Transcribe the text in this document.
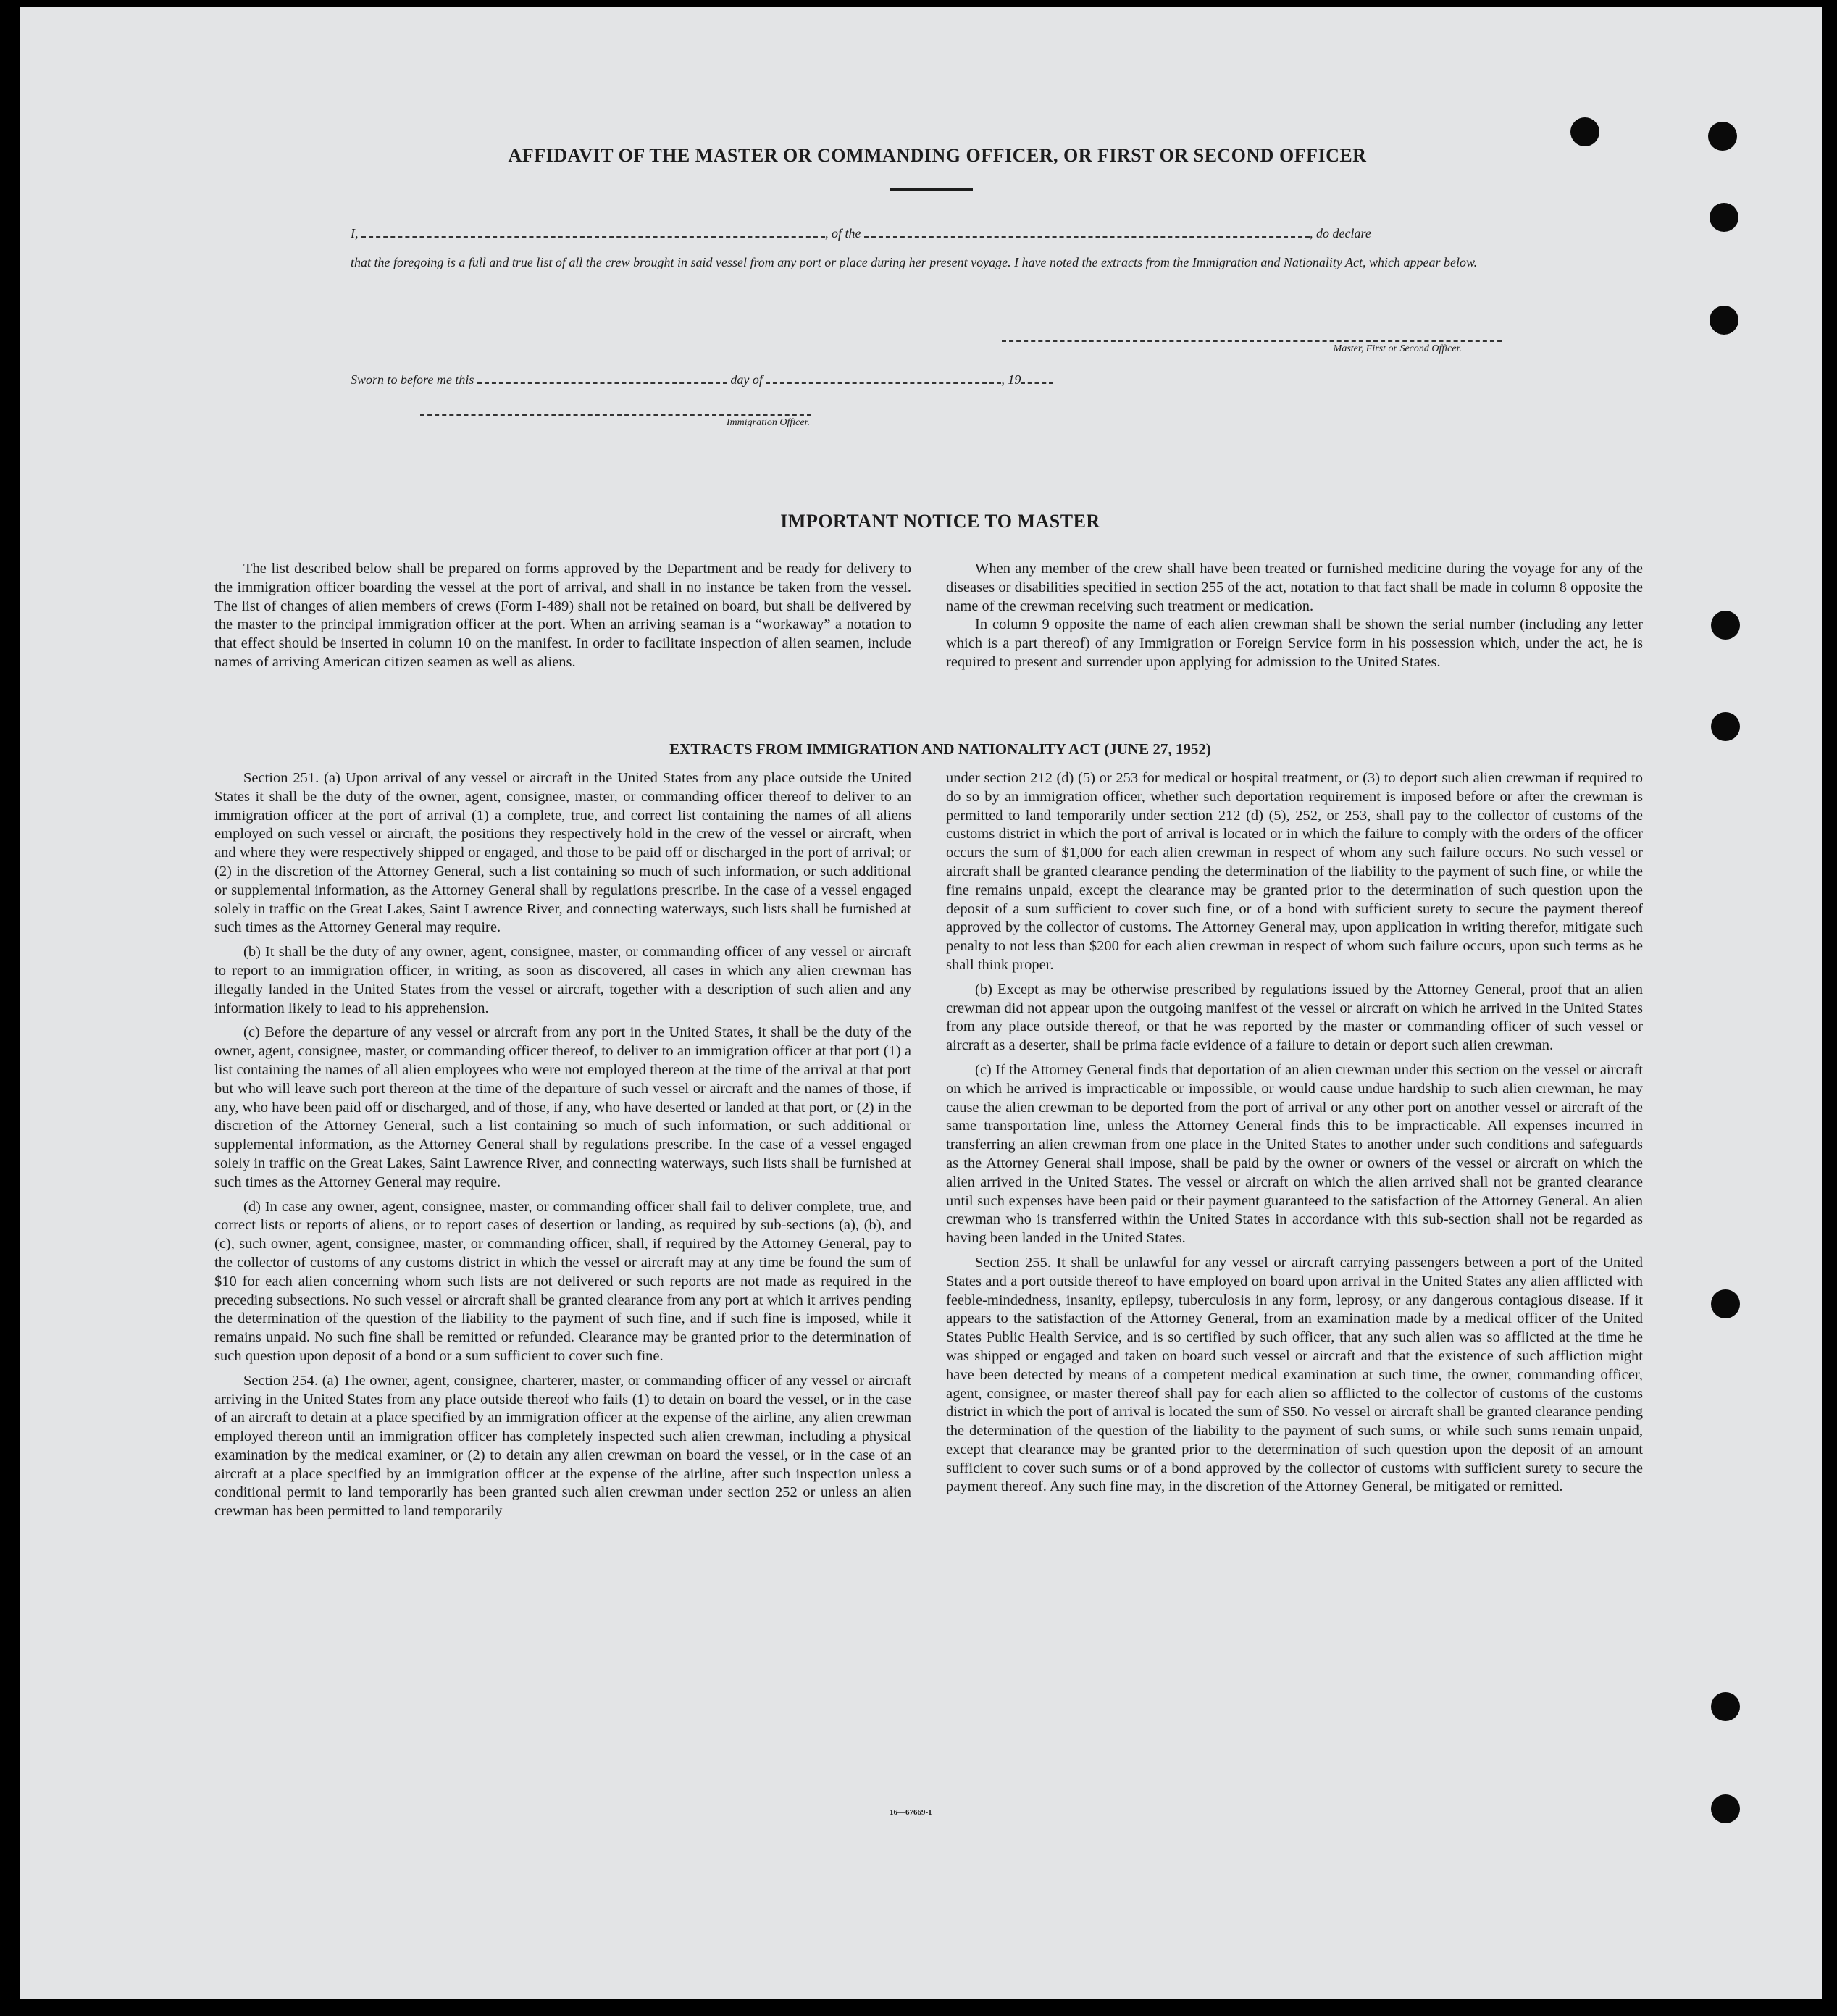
AFFIDAVIT OF THE MASTER OR COMMANDING OFFICER, OR FIRST OR SECOND OFFICER
I,	, of the	, do declare
that the foregoing is a full and true list of all the crew brought in said vessel from any port or place during her present voyage. I have noted the extracts from the Immigration and Nationality Act, which appear below.
Master, First or Second Officer.
Sworn to before me this	day of	, 19
Immigration Officer.
IMPORTANT NOTICE TO MASTER

The list described below shall be prepared on forms approved by the Department and be ready for delivery to the immigration officer boarding the vessel at the port of arrival, and shall in no instance be taken from the vessel. The list of changes of alien members of crews (Form I-489) shall not be retained on board, but shall be delivered by the master to the principal immigration officer at the port. When an arriving seaman is a “workaway” a notation to that effect should be inserted in column 10 on the manifest. In order to facilitate inspection of alien seamen, include names of arriving American citizen seamen as well as aliens.

When any member of the crew shall have been treated or furnished medicine during the voyage for any of the diseases or disabilities specified in section 255 of the act, notation to that fact shall be made in column 8 opposite the name of the crewman receiving such treatment or medication.

In column 9 opposite the name of each alien crewman shall be shown the serial number (including any letter which is a part thereof) of any Immigration or Foreign Service form in his possession which, under the act, he is required to present and surrender upon applying for admission to the United States.

EXTRACTS FROM IMMIGRATION AND NATIONALITY ACT (JUNE 27, 1952)

Section 251. (a) Upon arrival of any vessel or aircraft in the United States from any place outside the United States it shall be the duty of the owner, agent, consignee, master, or commanding officer thereof to deliver to an immigration officer at the port of arrival (1) a complete, true, and correct list containing the names of all aliens employed on such vessel or aircraft, the positions they respectively hold in the crew of the vessel or aircraft, when and where they were respectively shipped or engaged, and those to be paid off or discharged in the port of arrival; or (2) in the discretion of the Attorney General, such a list containing so much of such information, or such additional or supplemental information, as the Attorney General shall by regulations prescribe. In the case of a vessel engaged solely in traffic on the Great Lakes, Saint Lawrence River, and connecting waterways, such lists shall be furnished at such times as the Attorney General may require.

(b) It shall be the duty of any owner, agent, consignee, master, or commanding officer of any vessel or aircraft to report to an immigration officer, in writing, as soon as discovered, all cases in which any alien crewman has illegally landed in the United States from the vessel or aircraft, together with a description of such alien and any information likely to lead to his apprehension.

(c) Before the departure of any vessel or aircraft from any port in the United States, it shall be the duty of the owner, agent, consignee, master, or commanding officer thereof, to deliver to an immigration officer at that port (1) a list containing the names of all alien employees who were not employed thereon at the time of the arrival at that port but who will leave such port thereon at the time of the departure of such vessel or aircraft and the names of those, if any, who have been paid off or discharged, and of those, if any, who have deserted or landed at that port, or (2) in the discretion of the Attorney General, such a list containing so much of such information, or such additional or supplemental information, as the Attorney General shall by regulations prescribe. In the case of a vessel engaged solely in traffic on the Great Lakes, Saint Lawrence River, and connecting waterways, such lists shall be furnished at such times as the Attorney General may require.

(d) In case any owner, agent, consignee, master, or commanding officer shall fail to deliver complete, true, and correct lists or reports of aliens, or to report cases of desertion or landing, as required by sub-sections (a), (b), and (c), such owner, agent, consignee, master, or commanding officer, shall, if required by the Attorney General, pay to the collector of customs of any customs district in which the vessel or aircraft may at any time be found the sum of $10 for each alien concerning whom such lists are not delivered or such reports are not made as required in the preceding subsections. No such vessel or aircraft shall be granted clearance from any port at which it arrives pending the determination of the question of the liability to the payment of such fine, and if such fine is imposed, while it remains unpaid. No such fine shall be remitted or refunded. Clearance may be granted prior to the determination of such question upon deposit of a bond or a sum sufficient to cover such fine.

Section 254. (a) The owner, agent, consignee, charterer, master, or commanding officer of any vessel or aircraft arriving in the United States from any place outside thereof who fails (1) to detain on board the vessel, or in the case of an aircraft to detain at a place specified by an immigration officer at the expense of the airline, any alien crewman employed thereon until an immigration officer has completely inspected such alien crewman, including a physical examination by the medical examiner, or (2) to detain any alien crewman on board the vessel, or in the case of an aircraft at a place specified by an immigration officer at the expense of the airline, after such inspection unless a conditional permit to land temporarily has been granted such alien crewman under section 252 or unless an alien crewman has been permitted to land temporarily

under section 212 (d) (5) or 253 for medical or hospital treatment, or (3) to deport such alien crewman if required to do so by an immigration officer, whether such deportation requirement is imposed before or after the crewman is permitted to land temporarily under section 212 (d) (5), 252, or 253, shall pay to the collector of customs of the customs district in which the port of arrival is located or in which the failure to comply with the orders of the officer occurs the sum of $1,000 for each alien crewman in respect of whom any such failure occurs. No such vessel or aircraft shall be granted clearance pending the determination of the liability to the payment of such fine, or while the fine remains unpaid, except the clearance may be granted prior to the determination of such question upon the deposit of a sum sufficient to cover such fine, or of a bond with sufficient surety to secure the payment thereof approved by the collector of customs. The Attorney General may, upon application in writing therefor, mitigate such penalty to not less than $200 for each alien crewman in respect of whom such failure occurs, upon such terms as he shall think proper.

(b) Except as may be otherwise prescribed by regulations issued by the Attorney General, proof that an alien crewman did not appear upon the outgoing manifest of the vessel or aircraft on which he arrived in the United States from any place outside thereof, or that he was reported by the master or commanding officer of such vessel or aircraft as a deserter, shall be prima facie evidence of a failure to detain or deport such alien crewman.

(c) If the Attorney General finds that deportation of an alien crewman under this section on the vessel or aircraft on which he arrived is impracticable or impossible, or would cause undue hardship to such alien crewman, he may cause the alien crewman to be deported from the port of arrival or any other port on another vessel or aircraft of the same transportation line, unless the Attorney General finds this to be impracticable. All expenses incurred in transferring an alien crewman from one place in the United States to another under such conditions and safeguards as the Attorney General shall impose, shall be paid by the owner or owners of the vessel or aircraft on which the alien arrived in the United States. The vessel or aircraft on which the alien arrived shall not be granted clearance until such expenses have been paid or their payment guaranteed to the satisfaction of the Attorney General. An alien crewman who is transferred within the United States in accordance with this sub-section shall not be regarded as having been landed in the United States.

Section 255. It shall be unlawful for any vessel or aircraft carrying passengers between a port of the United States and a port outside thereof to have employed on board upon arrival in the United States any alien afflicted with feeble-mindedness, insanity, epilepsy, tuberculosis in any form, leprosy, or any dangerous contagious disease. If it appears to the satisfaction of the Attorney General, from an examination made by a medical officer of the United States Public Health Service, and is so certified by such officer, that any such alien was so afflicted at the time he was shipped or engaged and taken on board such vessel or aircraft and that the existence of such affliction might have been detected by means of a competent medical examination at such time, the owner, commanding officer, agent, consignee, or master thereof shall pay for each alien so afflicted to the collector of customs of the customs district in which the port of arrival is located the sum of $50. No vessel or aircraft shall be granted clearance pending the determination of the question of the liability to the payment of such sums, or while such sums remain unpaid, except that clearance may be granted prior to the determination of such question upon the deposit of an amount sufficient to cover such sums or of a bond approved by the collector of customs with sufficient surety to secure the payment thereof. Any such fine may, in the discretion of the Attorney General, be mitigated or remitted.

16—67669-1
